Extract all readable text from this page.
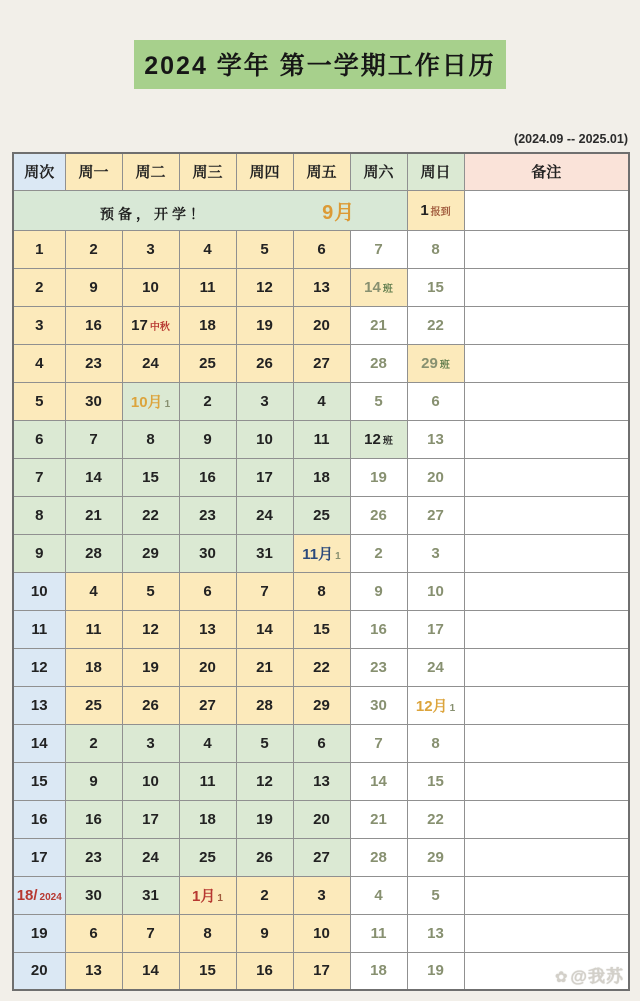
2024 学年 第一学期工作日历
(2024.09 -- 2025.01)
周次	周一	周二	周三	周四	周五	周六	周日	备注
预备，开学！ 9月							1 报到	
1	2	3	4	5	6	7	8	
2	9	10	11	12	13	14 班	15	
3	16	17 中秋	18	19	20	21	22	
4	23	24	25	26	27	28	29 班	
5	30	10月 1	2	3	4	5	6	
6	7	8	9	10	11	12 班	13	
7	14	15	16	17	18	19	20	
8	21	22	23	24	25	26	27	
9	28	29	30	31	11月 1	2	3	
10	4	5	6	7	8	9	10	
11	11	12	13	14	15	16	17	
12	18	19	20	21	22	23	24	
13	25	26	27	28	29	30	12月 1	
14	2	3	4	5	6	7	8	
15	9	10	11	12	13	14	15	
16	16	17	18	19	20	21	22	
17	23	24	25	26	27	28	29	
18/ 2024	30	31	1月 1	2	3	4	5	
19	6	7	8	9	10	11	13	
20	13	14	15	16	17	18	19		✿ @我苏
